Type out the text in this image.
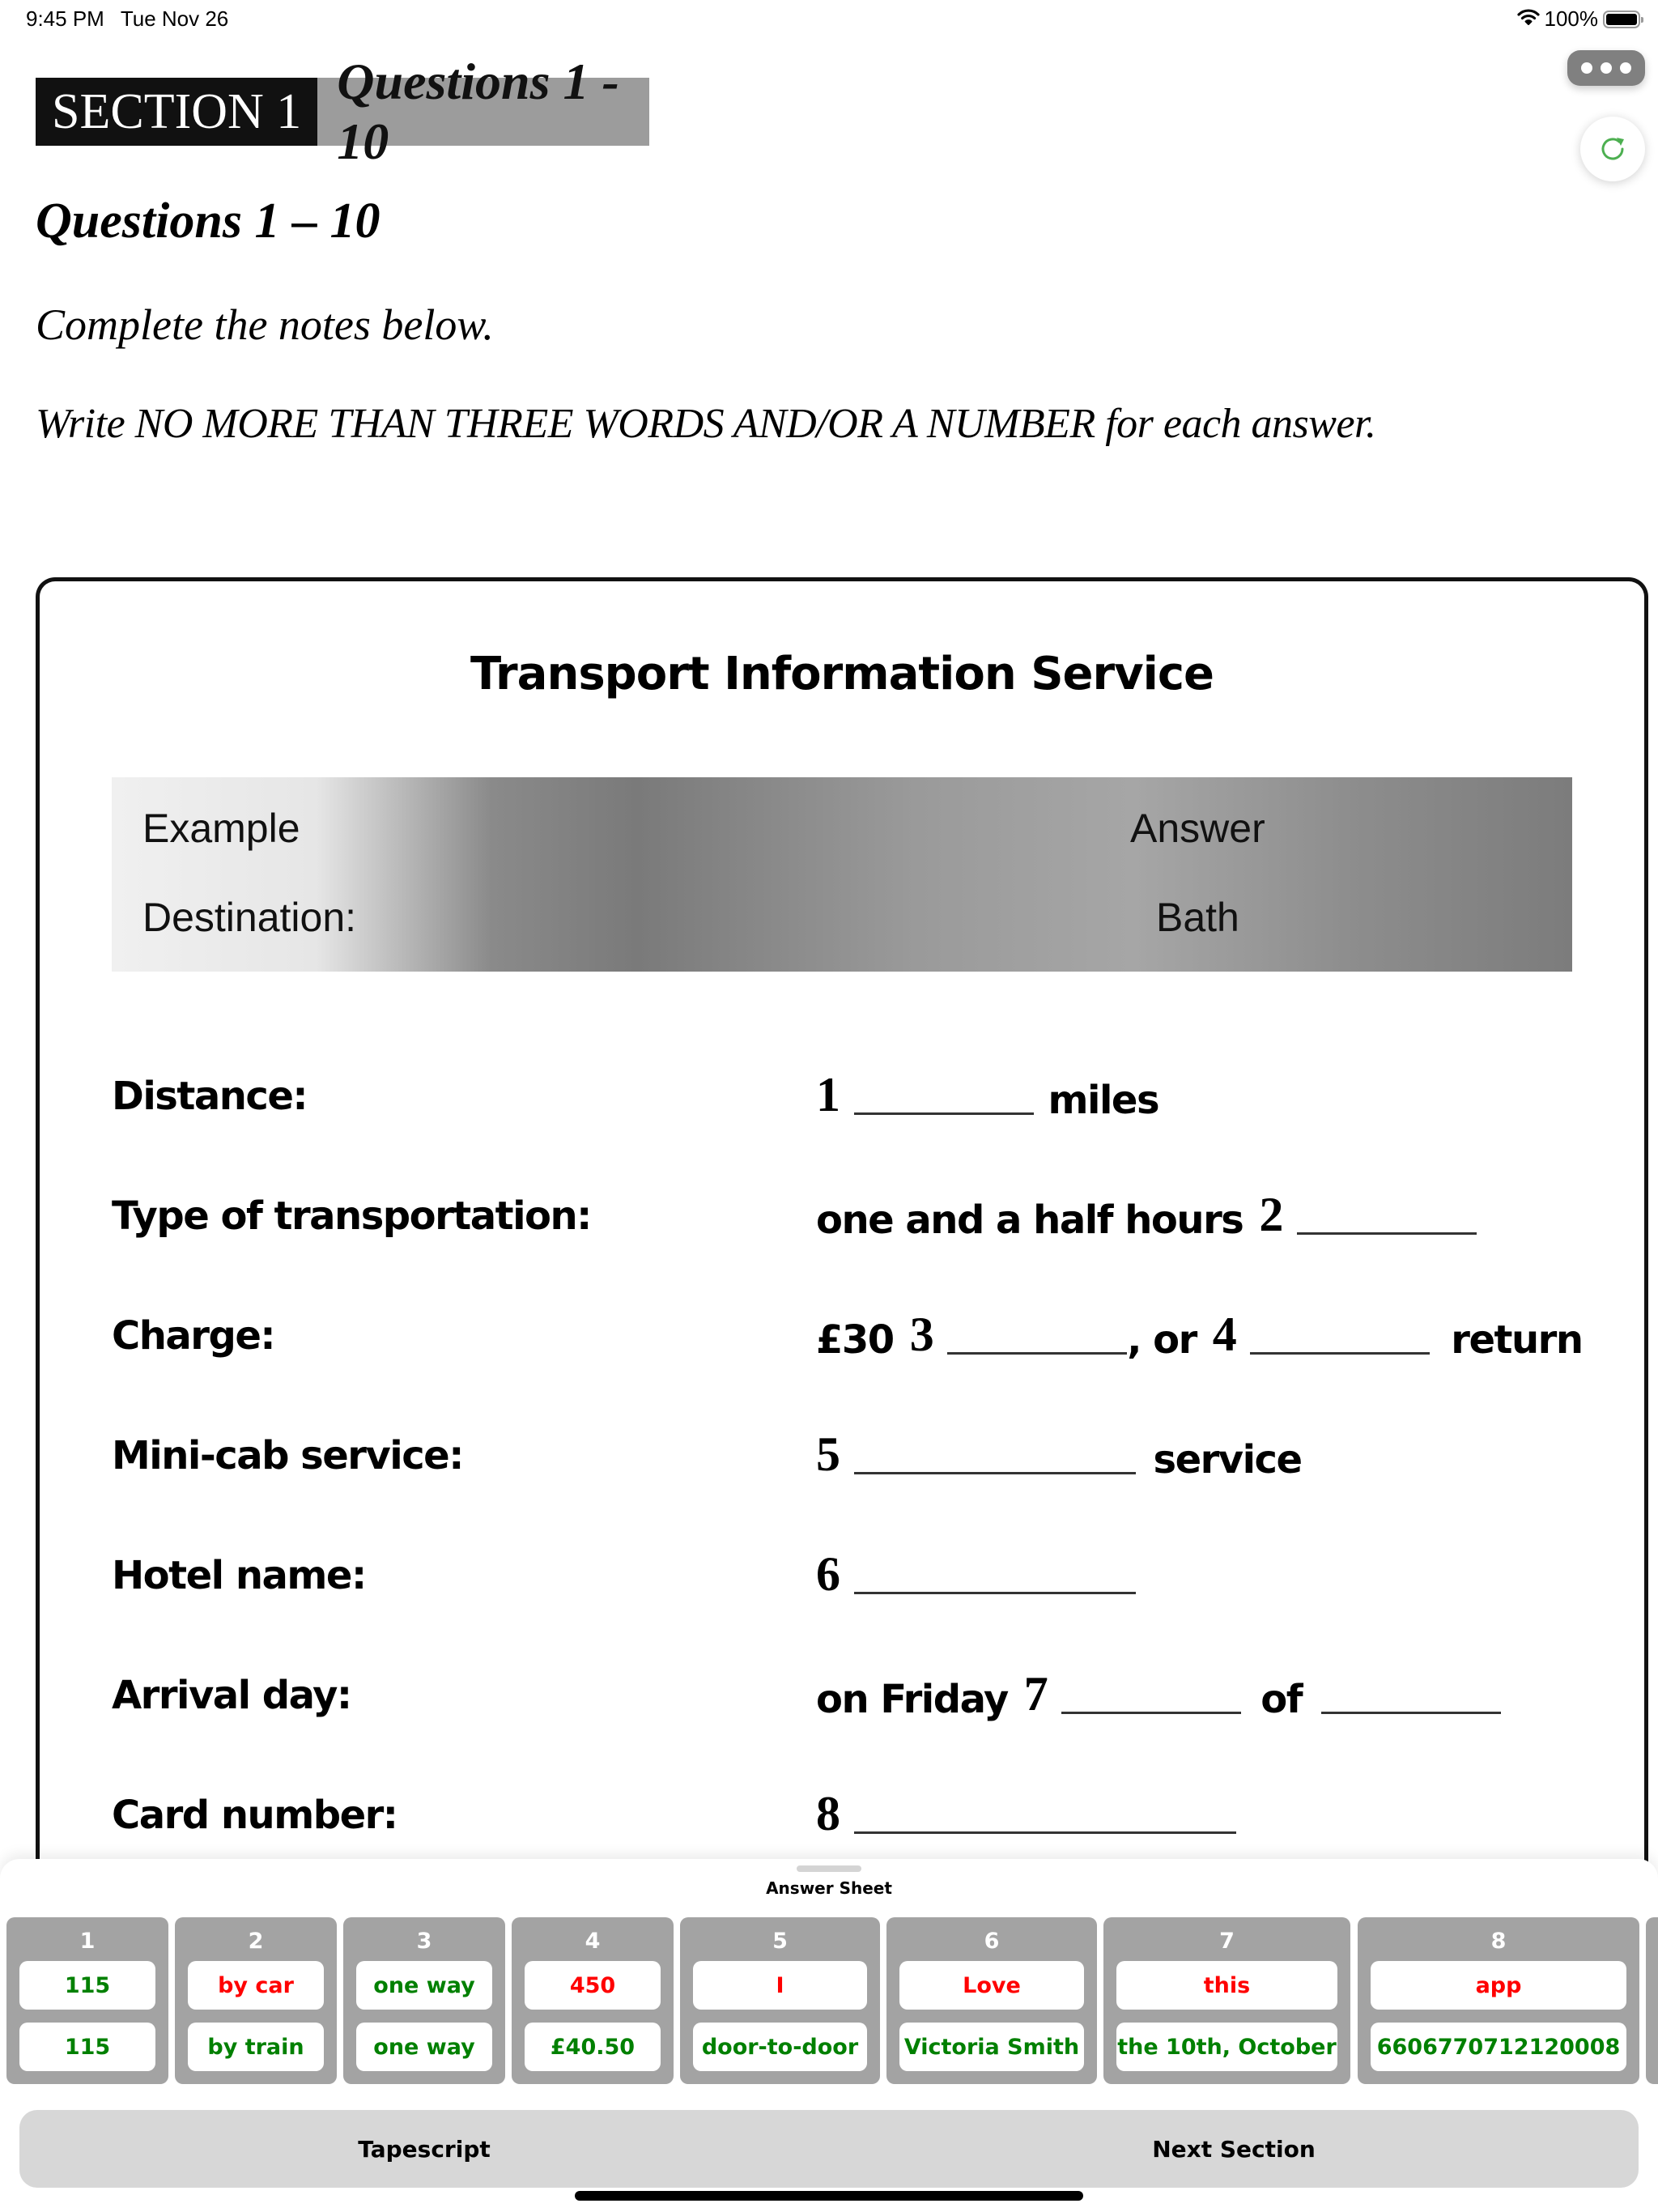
9:45 PM Tue Nov 26	100%
SECTION 1
Questions 1 - 10
Questions 1 – 10
Complete the notes below.
Write NO MORE THAN THREE WORDS AND/OR A NUMBER for each answer.
Transport Information Service
Example	Answer
Destination:	Bath
Distance:	1	miles
Type of transportation:	one and a half hours 2
Charge:	£30 3	, or 4	return
Mini-cab service:	5	service
Hotel name:	6
Arrival day:	on Friday 7	of
Card number:	8
Answer Sheet
1
115
115
2
by car
by train
3
one way
one way
4
450
£40.50
5
I
door-to-door
6
Love
Victoria Smith
7
this
the 10th, October
8
app
6606770712120008
Tapescript	Next Section
